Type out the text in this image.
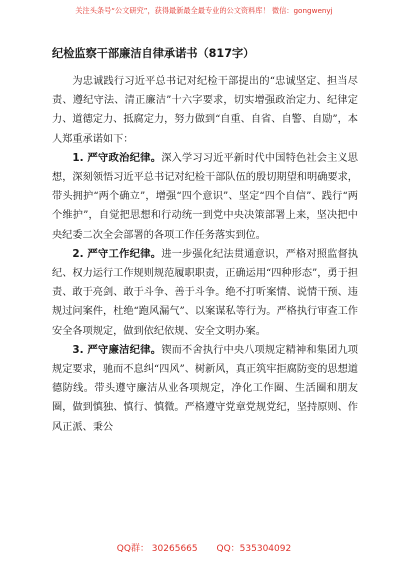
关注头条号“公文研究”，获得最新最全最专业的公文资料库！ 微信：gongwenyj
纪检监察干部廉洁自律承诺书（817字）

为忠诚践行习近平总书记对纪检干部提出的“忠诚坚定、担当尽责、遵纪守法、清正廉洁”十六字要求，切实增强政治定力、纪律定力、道德定力、抵腐定力，努力做到“自重、自省、自警、自励”，本人郑重承诺如下：

1. 严守政治纪律。深入学习习近平新时代中国特色社会主义思想，深刻领悟习近平总书记对纪检干部队伍的殷切期望和明确要求，带头拥护“两个确立”，增强“四个意识”、坚定“四个自信”、践行“两个维护”，自觉把思想和行动统一到党中央决策部署上来，坚决把中央纪委二次全会部署的各项工作任务落实到位。

2. 严守工作纪律。进一步强化纪法贯通意识，严格对照监督执纪、权力运行工作规则规范履职职责，正确运用“四种形态”，勇于担责、敢于亮剑、敢于斗争、善于斗争。绝不打听案情、说情干预、违规过问案件，杜绝“跑风漏气”、以案谋私等行为。严格执行审查工作安全各项规定，做到依纪依规、安全文明办案。

3. 严守廉洁纪律。锲而不舍执行中央八项规定精神和集团九项规定要求，驰而不息纠“四风”、树新风，真正筑牢拒腐防变的思想道德防线。带头遵守廉洁从业各项规定，净化工作圈、生活圈和朋友圈，做到慎独、慎行、慎微。严格遵守党章党规党纪，坚持原则、作风正派、秉公

QQ群： 30265665 QQ：535304092
